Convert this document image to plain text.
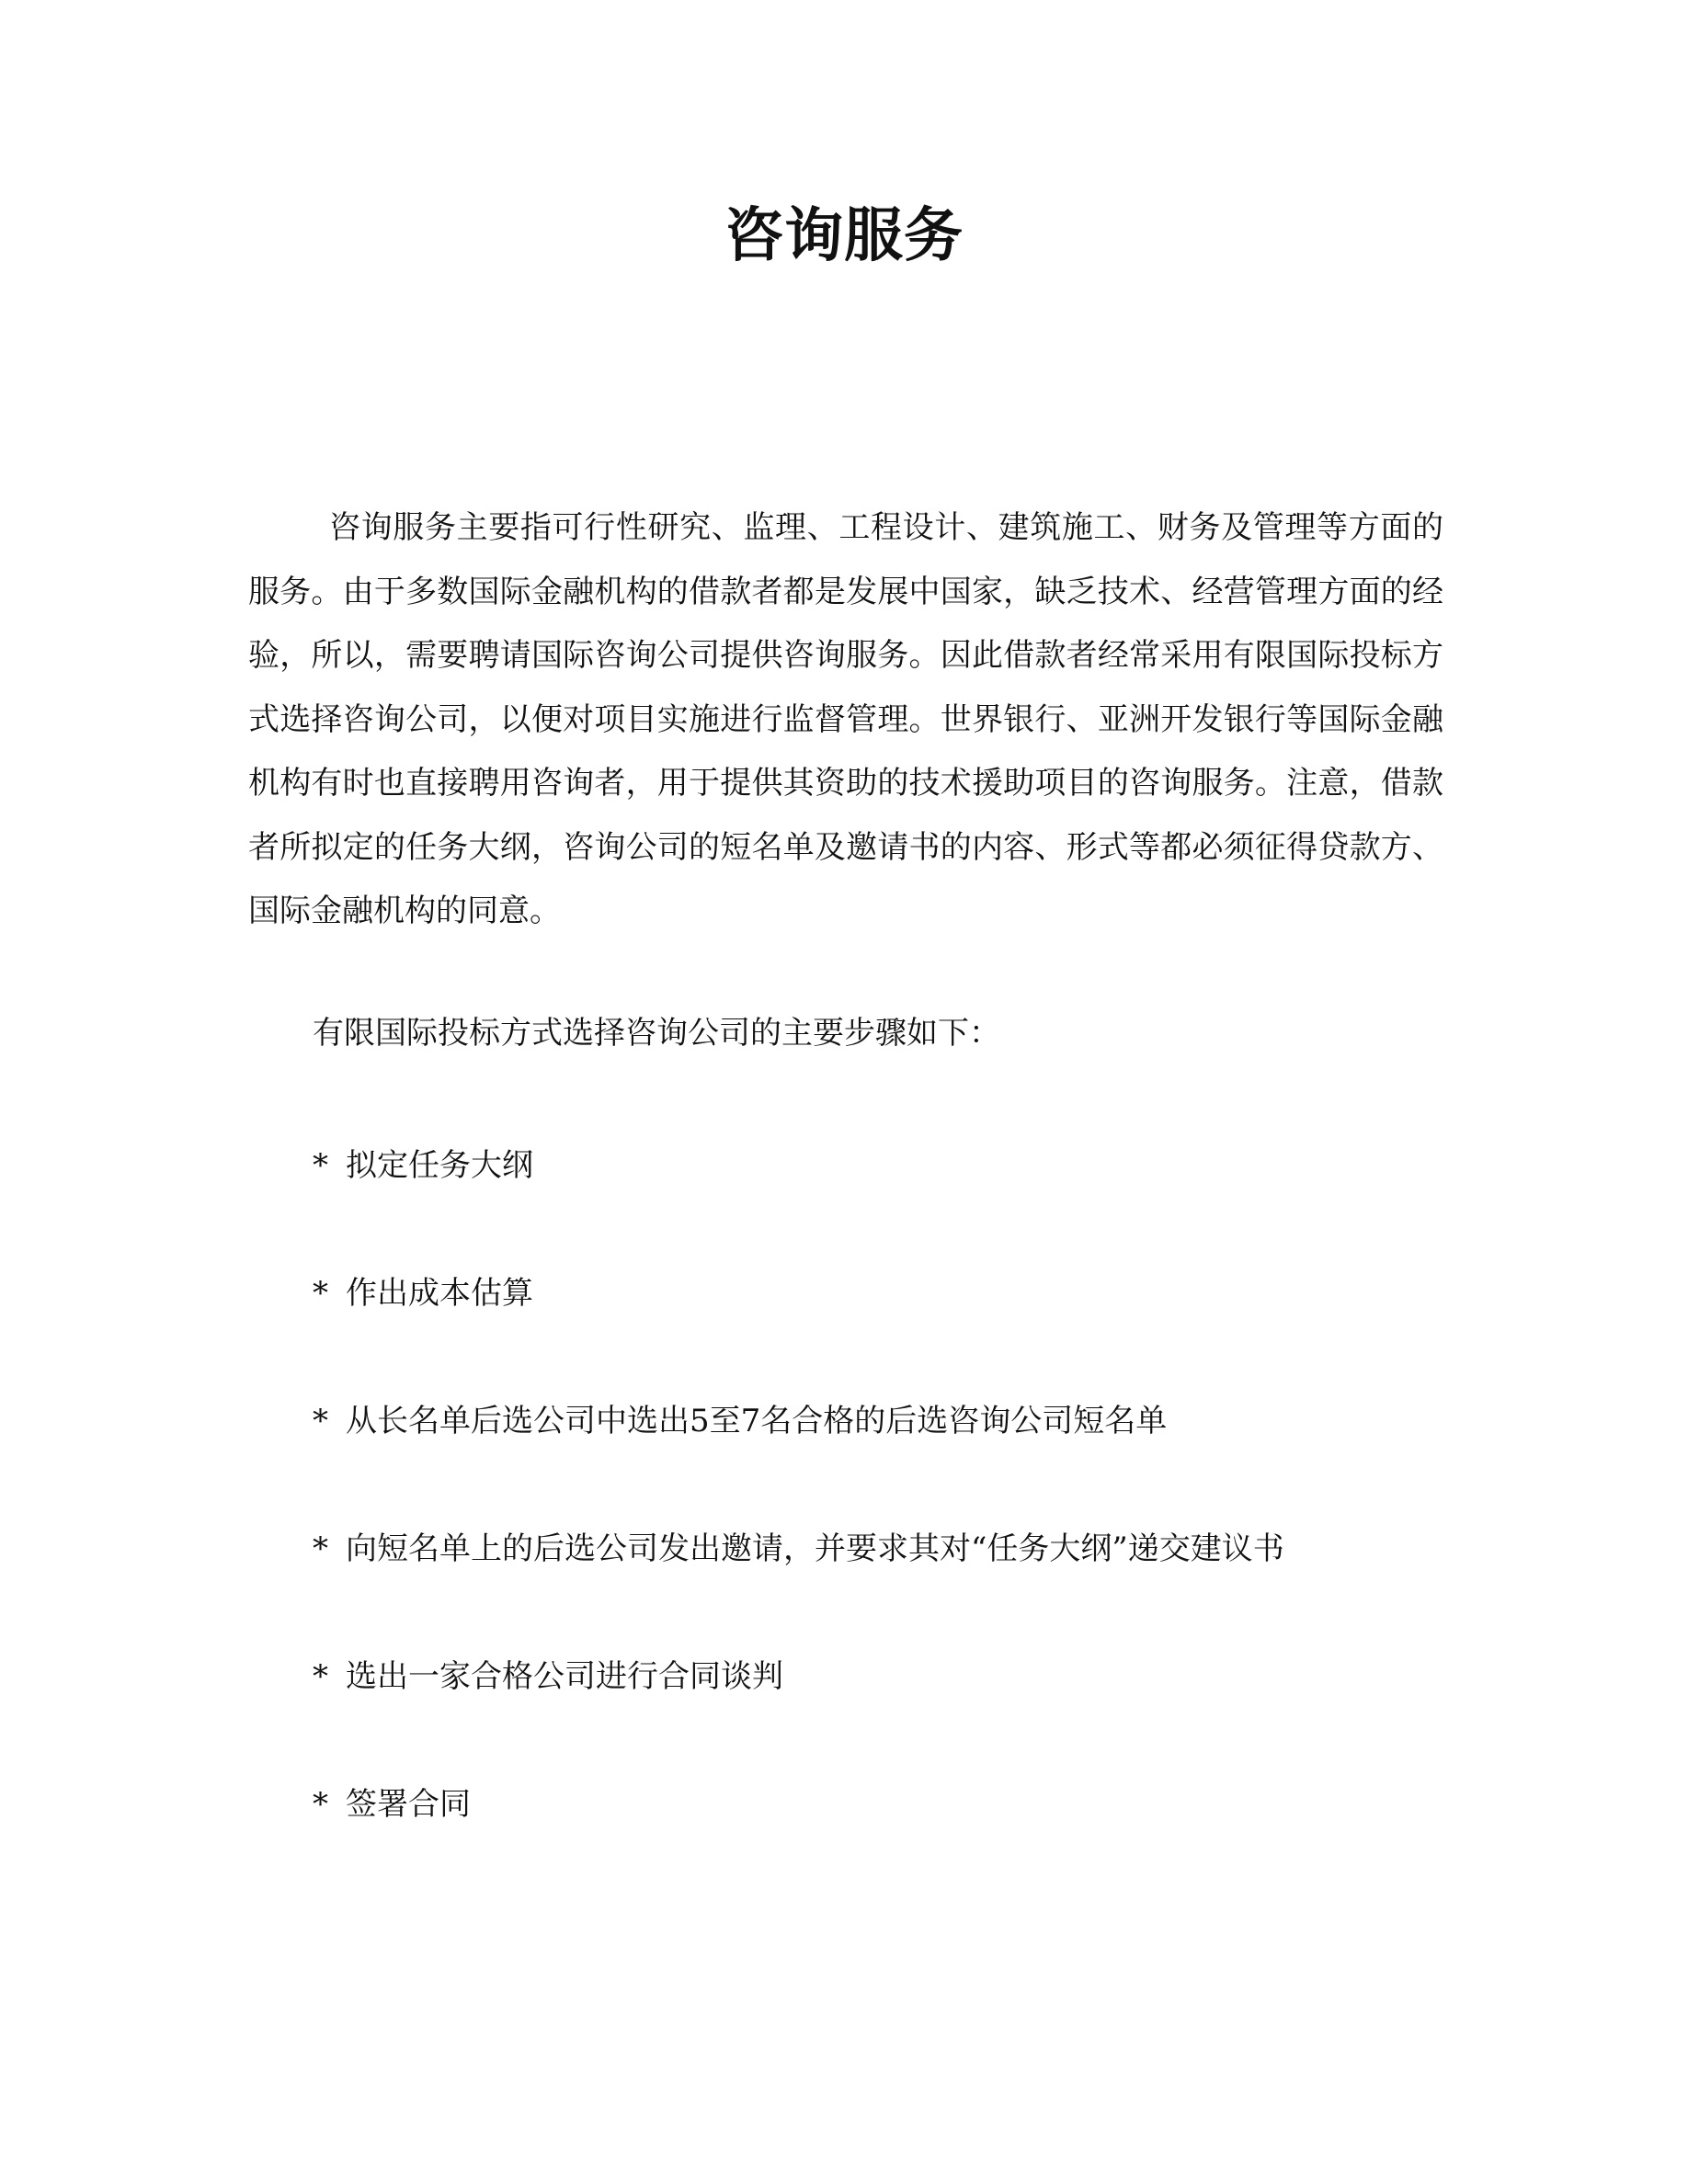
咨询服务

咨询服务主要指可行性研究、监理、工程设计、建筑施工、财务及管理等方面的服务。由于多数国际金融机构的借款者都是发展中国家，缺乏技术、经营管理方面的经验，所以，需要聘请国际咨询公司提供咨询服务。因此借款者经常采用有限国际投标方式选择咨询公司，以便对项目实施进行监督管理。世界银行、亚洲开发银行等国际金融机构有时也直接聘用咨询者，用于提供其资助的技术援助项目的咨询服务。注意，借款者所拟定的任务大纲，咨询公司的短名单及邀请书的内容、形式等都必须征得贷款方、国际金融机构的同意。

有限国际投标方式选择咨询公司的主要步骤如下：

* 拟定任务大纲
* 作出成本估算
* 从长名单后选公司中选出5至7名合格的后选咨询公司短名单
* 向短名单上的后选公司发出邀请，并要求其对“任务大纲”递交建议书
* 选出一家合格公司进行合同谈判
* 签署合同
